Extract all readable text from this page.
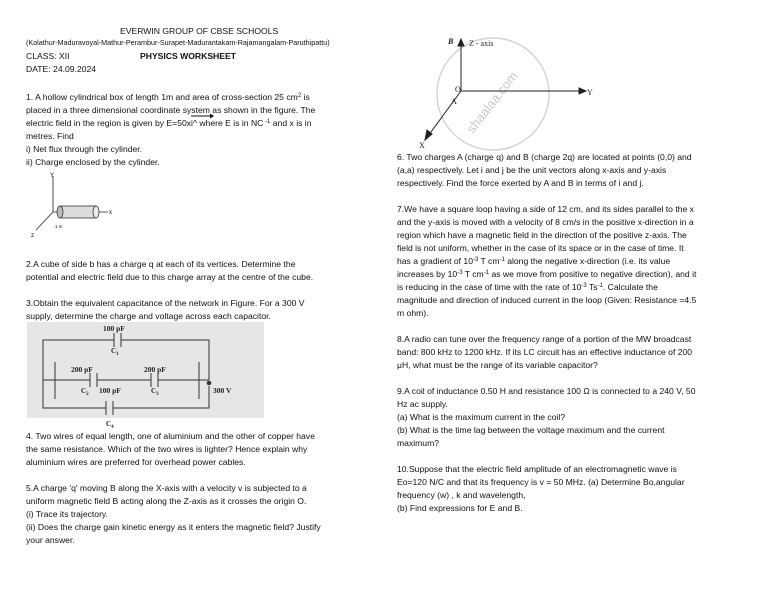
EVERWIN GROUP OF CBSE SCHOOLS
(Kolathur-Maduravoyal-Mathur-Perambur-Surapet-Madurantakam-Rajamangalam-Paruthipattu)
CLASS: XII	PHYSICS WORKSHEET
DATE: 24.09.2024
1. A hollow cylindrical box of length 1m and area of cross-section 25 $cm^2$ is
placed in a three dimensional coordinate system as shown in the figure. The
electric field in the region is given by E=50xi^ where E is in NC $^{-1}$ and x is in
metres. Find
i) Net flux through the cylinder.
ii) Charge enclosed by the cylinder.
Y
x
z
1 m
2.A cube of side b has a charge q at each of its vertices. Determine the
potential and electric field due to this charge array at the centre of the cube.
3.Obtain the equivalent capacitance of the network in Figure. For a 300 V
supply, determine the charge and voltage across each capacitor.
100 pF
$C_1$
200 pF
$C_2$
200 pF
$C_3$
100 pF
$C_4$
300 V
4. Two wires of equal length, one of aluminium and the other of copper have
the same resistance. Which of the two wires is lighter? Hence explain why
aluminium wires are preferred for overhead power cables.
5.A charge 'q' moving B along the X-axis with a velocity v is subjected to a
uniform magnetic field B acting along the Z-axis as it crosses the origin O.
(i) Trace its trajectory.
(ii) Does the charge gain kinetic energy as it enters the magnetic field? Justify
your answer.
shaalaa.com
B Z - axis
Y
O
A
X
6. Two charges A (charge q) and B (charge 2q) are located at points (0,0) and
(a,a) respectively. Let i and j be the unit vectors along x-axis and y-axis
respectively. Find the force exerted by A and B in terms of i and j.
7.We have a square loop having a side of 12 cm, and its sides parallel to the x
and the y-axis is moved with a velocity of 8 cm/s in the positive x-direction in a
region which have a magnetic field in the direction of the positive z-axis. The
field is not uniform, whether in the case of its space or in the case of time. It
has a gradient of $10^{-3}$ T $cm^{-1}$ along the negative x-direction (i.e. its value
increases by $10^{-3}$ T $cm^{-1}$ as we move from positive to negative direction), and it
is reducing in the case of time with the rate of $10^{-3}$ $Ts^{-1}$. Calculate the
magnitude and direction of induced current in the loop (Given: Resistance =4.5
m ohm).
8.A radio can tune over the frequency range of a portion of the MW broadcast
band: 800 kHz to 1200 kHz. If its LC circuit has an effective inductance of 200
μH, what must be the range of its variable capacitor?
9.A coil of inductance 0.50 H and resistance 100 Ω is connected to a 240 V, 50
Hz ac supply.
(a) What is the maximum current in the coil?
(b) What is the time lag between the voltage maximum and the current
maximum?
10.Suppose that the electric field amplitude of an electromagnetic wave is
Eo=120 N/C and that its frequency is v = 50 MHz. (a) Determine Bo,angular
frequency (w) , k and wavelength,
(b) Find expressions for E and B.
